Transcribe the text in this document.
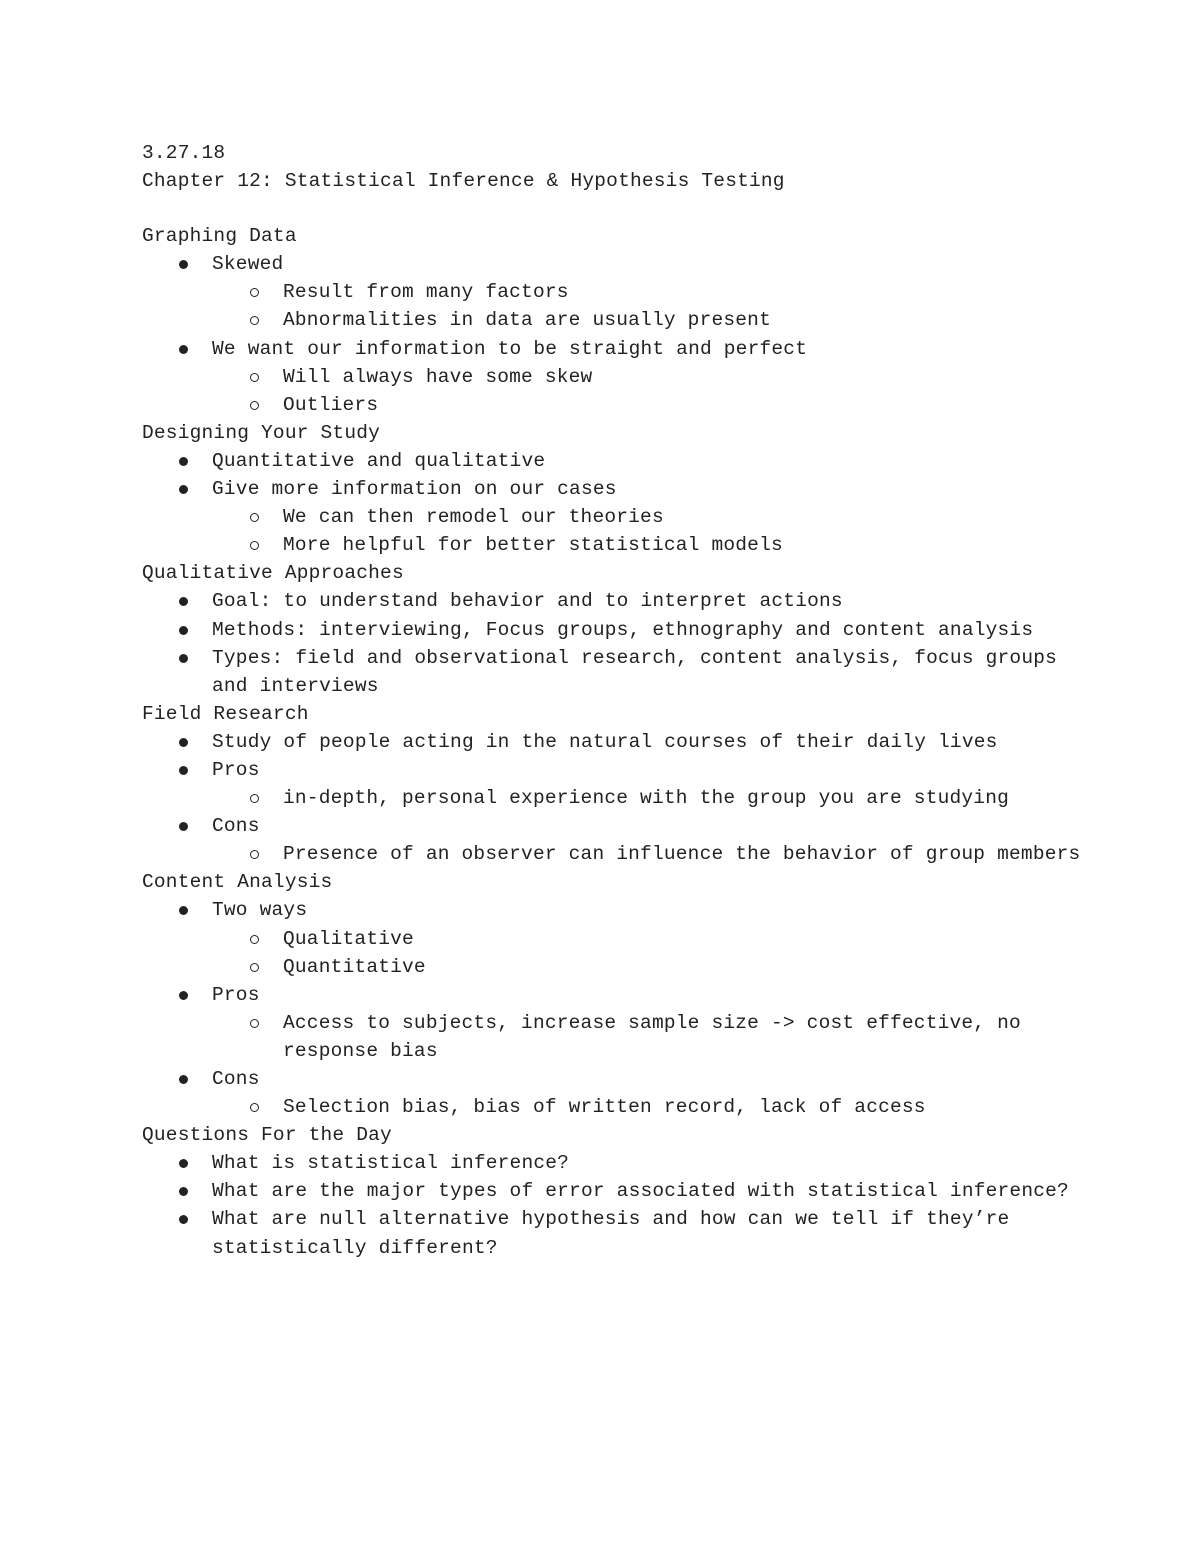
3.27.18
Chapter 12: Statistical Inference & Hypothesis Testing
Graphing Data
Skewed
Result from many factors
Abnormalities in data are usually present
We want our information to be straight and perfect
Will always have some skew
Outliers
Designing Your Study
Quantitative and qualitative
Give more information on our cases
We can then remodel our theories
More helpful for better statistical models
Qualitative Approaches
Goal: to understand behavior and to interpret actions
Methods: interviewing, Focus groups, ethnography and content analysis
Types: field and observational research, content analysis, focus groups and interviews
Field Research
Study of people acting in the natural courses of their daily lives
Pros
in-depth, personal experience with the group you are studying
Cons
Presence of an observer can influence the behavior of group members
Content Analysis
Two ways
Qualitative
Quantitative
Pros
Access to subjects, increase sample size -> cost effective, no response bias
Cons
Selection bias, bias of written record, lack of access
Questions For the Day
What is statistical inference?
What are the major types of error associated with statistical inference?
What are null alternative hypothesis and how can we tell if they’re statistically different?
